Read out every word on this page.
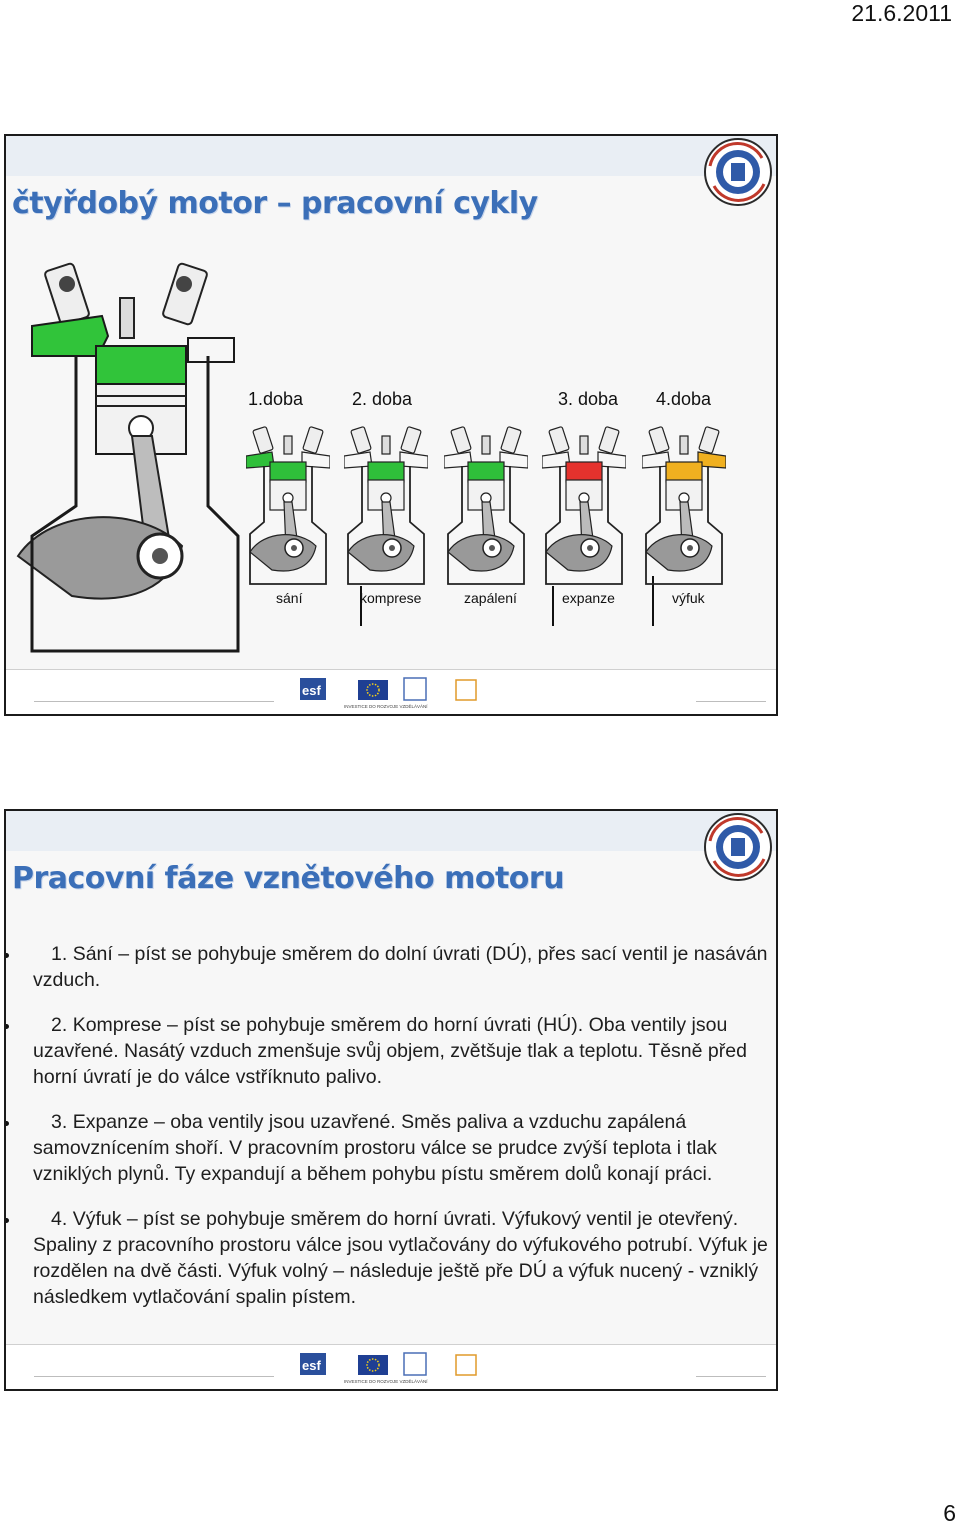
21.6.2011
čtyřdobý motor – pracovní cykly
1.doba	2. doba	3. doba 4.doba
esf
INVESTICE DO ROZVOJE VZDĚLÁVÁNÍ
sání	komprese	zapálení	expanze	výfuk
Pracovní fáze vznětového motoru
1. Sání – píst se pohybuje směrem do dolní úvrati (DÚ), přes sací ventil je nasáván vzduch.
2. Komprese – píst se pohybuje směrem do horní úvrati (HÚ). Oba ventily jsou uzavřené. Nasátý vzduch zmenšuje svůj objem, zvětšuje tlak a teplotu. Těsně před horní úvratí je do válce vstříknuto palivo.
3. Expanze – oba ventily jsou uzavřené. Směs paliva a vzduchu zapálená samovznícením shoří. V pracovním prostoru válce se prudce zvýší teplota i tlak vzniklých plynů. Ty expandují a během pohybu pístu směrem dolů konají práci.
4. Výfuk – píst se pohybuje směrem do horní úvrati. Výfukový ventil je otevřený. Spaliny z pracovního prostoru válce jsou vytlačovány do výfukového potrubí. Výfuk je rozdělen na dvě části. Výfuk volný – následuje ještě pře DÚ a výfuk nucený - vzniklý následkem vytlačování spalin pístem.
esf
INVESTICE DO ROZVOJE VZDĚLÁVÁNÍ
6
